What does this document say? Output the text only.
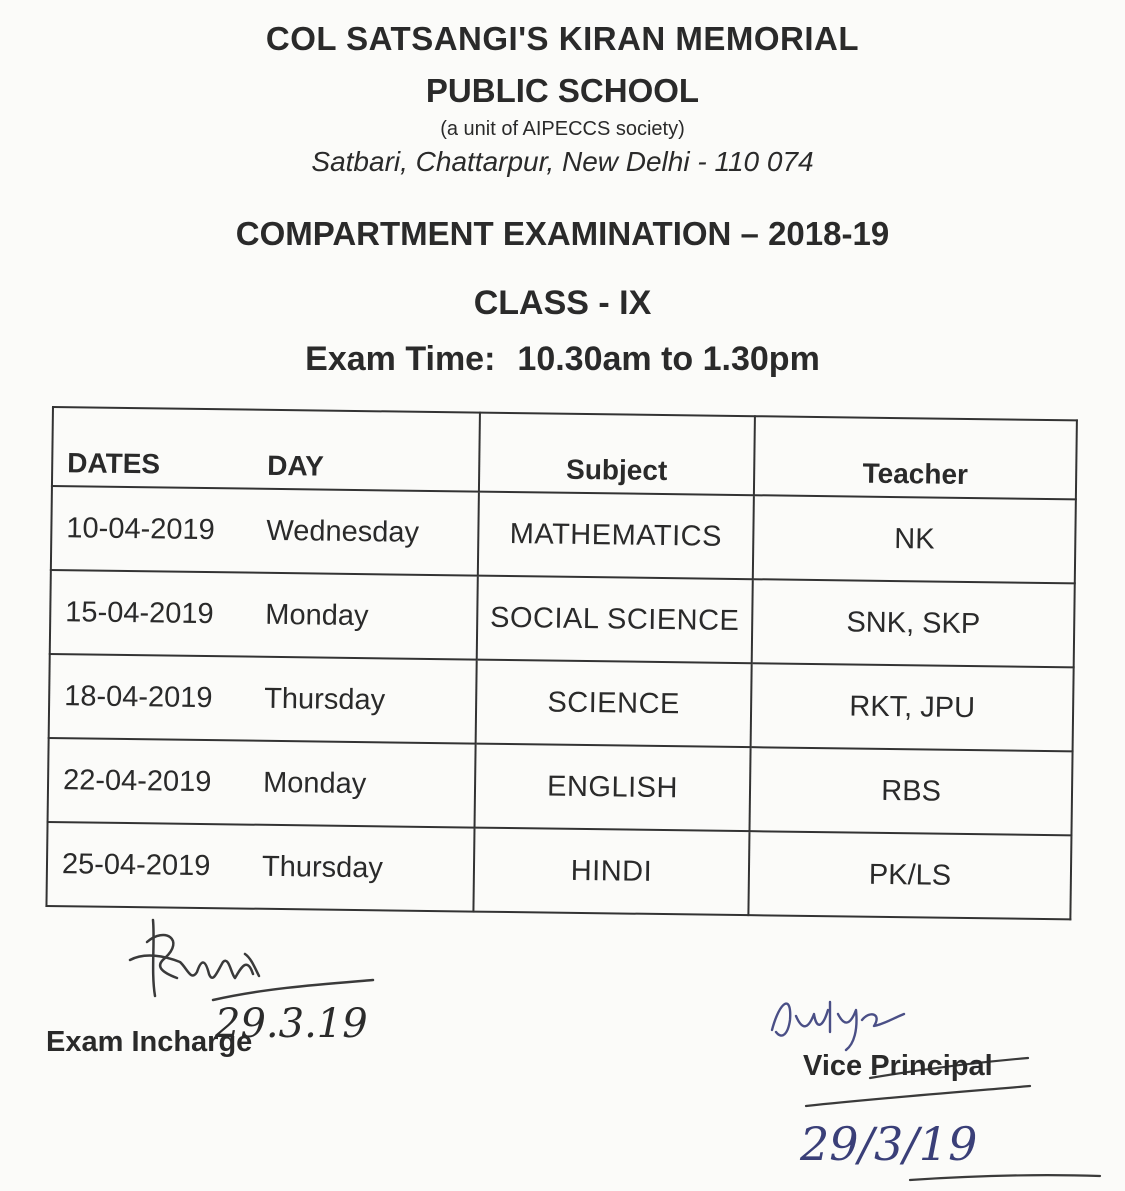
COL SATSANGI'S KIRAN MEMORIAL
PUBLIC SCHOOL
(a unit of AIPECCS society)
Satbari, Chattarpur, New Delhi - 110 074
COMPARTMENT EXAMINATION – 2018-19
CLASS - IX
Exam Time: 10.30am to 1.30pm
DATES DAY	Subject	Teacher
10-04-2019 Wednesday	MATHEMATICS	NK
15-04-2019 Monday	SOCIAL SCIENCE	SNK, SKP
18-04-2019 Thursday	SCIENCE	RKT, JPU
22-04-2019 Monday	ENGLISH	RBS
25-04-2019 Thursday	HINDI	PK/LS
29.3.19
Exam Incharge
29/3/19
Vice Principal
